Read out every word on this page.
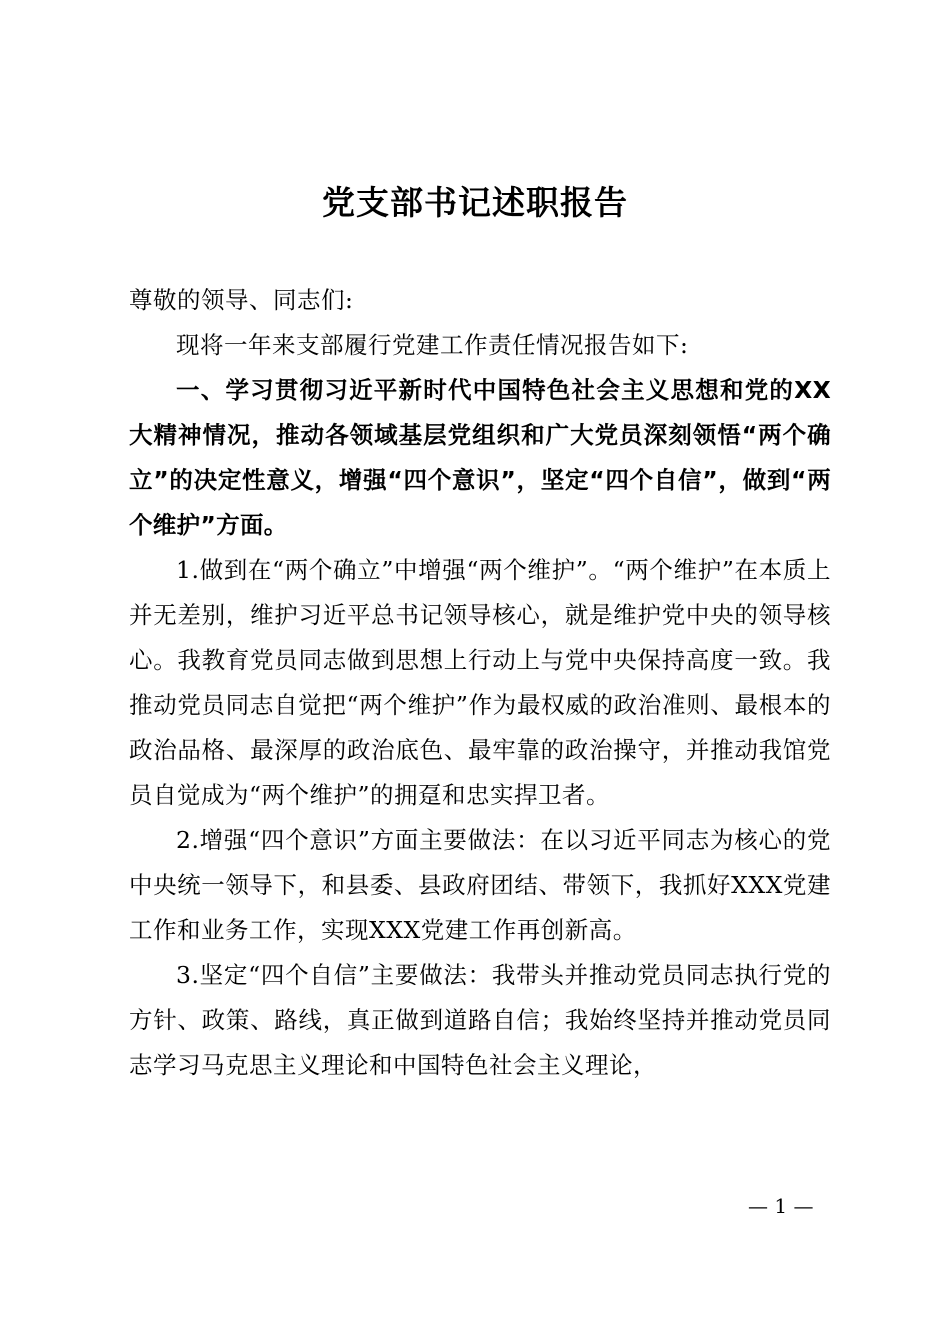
党支部书记述职报告

尊敬的领导、同志们:

现将一年来支部履行党建工作责任情况报告如下:

一、学习贯彻习近平新时代中国特色社会主义思想和党的XX大精神情况，推动各领域基层党组织和广大党员深刻领悟“两个确立”的决定性意义，增强“四个意识”，坚定“四个自信”，做到“两个维护”方面。

1.做到在“两个确立”中增强“两个维护”。“两个维护”在本质上并无差别，维护习近平总书记领导核心，就是维护党中央的领导核心。我教育党员同志做到思想上行动上与党中央保持高度一致。我推动党员同志自觉把“两个维护”作为最权威的政治准则、最根本的政治品格、最深厚的政治底色、最牢靠的政治操守，并推动我馆党员自觉成为“两个维护”的拥趸和忠实捍卫者。

2.增强“四个意识”方面主要做法：在以习近平同志为核心的党中央统一领导下，和县委、县政府团结、带领下，我抓好XXX党建工作和业务工作，实现XXX党建工作再创新高。

3.坚定“四个自信”主要做法：我带头并推动党员同志执行党的方针、政策、路线，真正做到道路自信；我始终坚持并推动党员同志学习马克思主义理论和中国特色社会主义理论，

— 1 —
